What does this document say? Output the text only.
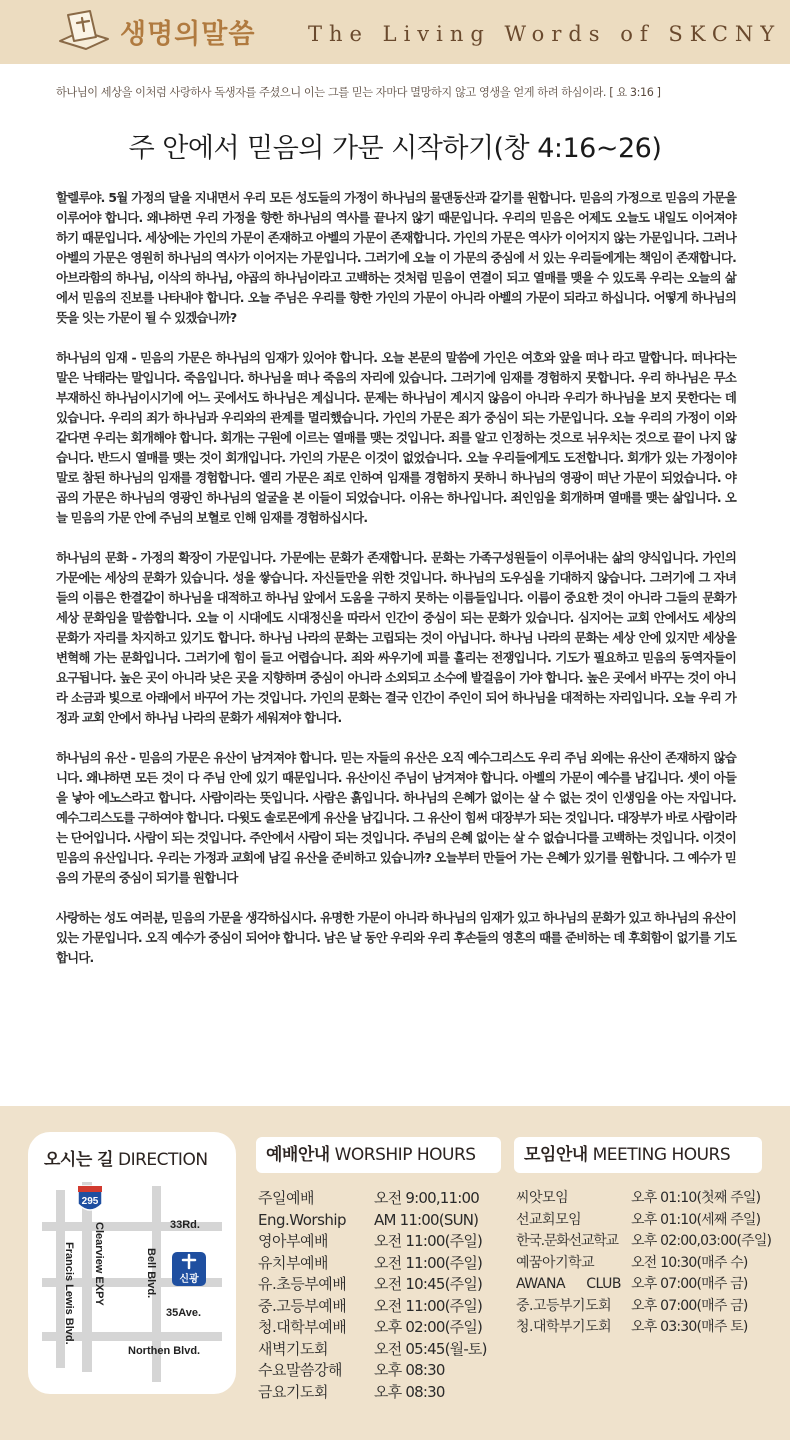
생명의말씀	The Living Words of SKCNY
하나님이 세상을 이처럼 사랑하사 독생자를 주셨으니 이는 그를 믿는 자마다 멸망하지 않고 영생을 얻게 하려 하심이라. [ 요 3:16 ]
주 안에서 믿음의 가문 시작하기(창 4:16~26)

할렐루야. 5월 가정의 달을 지내면서 우리 모든 성도들의 가정이 하나님의 물댄동산과 같기를 원합니다. 믿음의 가정으로 믿음의 가문을 이루어야 합니다. 왜냐하면 우리 가정을 향한 하나님의 역사를 끝나지 않기 때문입니다. 우리의 믿음은 어제도 오늘도 내일도 이어져야 하기 때문입니다. 세상에는 가인의 가문이 존재하고 아벨의 가문이 존재합니다. 가인의 가문은 역사가 이어지지 않는 가문입니다. 그러나 아벨의 가문은 영원히 하나님의 역사가 이어지는 가문입니다. 그러기에 오늘 이 가문의 중심에 서 있는 우리들에게는 책임이 존재합니다. 아브라함의 하나님, 이삭의 하나님, 야곱의 하나님이라고 고백하는 것처럼 믿음이 연결이 되고 열매를 맺을 수 있도록 우리는 오늘의 삶에서 믿음의 진보를 나타내야 합니다. 오늘 주님은 우리를 향한 가인의 가문이 아니라 아벨의 가문이 되라고 하십니다. 어떻게 하나님의 뜻을 잇는 가문이 될 수 있겠습니까?

하나님의 임재 - 믿음의 가문은 하나님의 임재가 있어야 합니다. 오늘 본문의 말씀에 가인은 여호와 앞을 떠나 라고 말합니다. 떠나다는 말은 낙태라는 말입니다. 죽음입니다. 하나님을 떠나 죽음의 자리에 있습니다. 그러기에 임재를 경험하지 못합니다. 우리 하나님은 무소부재하신 하나님이시기에 어느 곳에서도 하나님은 계십니다. 문제는 하나님이 계시지 않음이 아니라 우리가 하나님을 보지 못한다는 데 있습니다. 우리의 죄가 하나님과 우리와의 관계를 멀리했습니다. 가인의 가문은 죄가 중심이 되는 가문입니다. 오늘 우리의 가정이 이와 같다면 우리는 회개해야 합니다. 회개는 구원에 이르는 열매를 맺는 것입니다. 죄를 알고 인정하는 것으로 뉘우치는 것으로 끝이 나지 않습니다. 반드시 열매를 맺는 것이 회개입니다. 가인의 가문은 이것이 없었습니다. 오늘 우리들에게도 도전합니다. 회개가 있는 가정이야말로 참된 하나님의 임재를 경험합니다. 엘리 가문은 죄로 인하여 임재를 경험하지 못하니 하나님의 영광이 떠난 가문이 되었습니다. 야곱의 가문은 하나님의 영광인 하나님의 얼굴을 본 이들이 되었습니다. 이유는 하나입니다. 죄인임을 회개하며 열매를 맺는 삶입니다. 오늘 믿음의 가문 안에 주님의 보혈로 인해 임재를 경험하십시다.

하나님의 문화 - 가정의 확장이 가문입니다. 가문에는 문화가 존재합니다. 문화는 가족구성원들이 이루어내는 삶의 양식입니다. 가인의 가문에는 세상의 문화가 있습니다. 성을 쌓습니다. 자신들만을 위한 것입니다. 하나님의 도우심을 기대하지 않습니다. 그러기에 그 자녀들의 이름은 한결같이 하나님을 대적하고 하나님 앞에서 도움을 구하지 못하는 이름들입니다. 이름이 중요한 것이 아니라 그들의 문화가 세상 문화임을 말씀합니다. 오늘 이 시대에도 시대정신을 따라서 인간이 중심이 되는 문화가 있습니다. 심지어는 교회 안에서도 세상의 문화가 자리를 차지하고 있기도 합니다. 하나님 나라의 문화는 고립되는 것이 아닙니다. 하나님 나라의 문화는 세상 안에 있지만 세상을 변혁해 가는 문화입니다. 그러기에 힘이 들고 어렵습니다. 죄와 싸우기에 피를 흘리는 전쟁입니다. 기도가 필요하고 믿음의 동역자들이 요구됩니다. 높은 곳이 아니라 낮은 곳을 지향하며 중심이 아니라 소외되고 소수에 발걸음이 가야 합니다. 높은 곳에서 바꾸는 것이 아니라 소금과 빛으로 아래에서 바꾸어 가는 것입니다. 가인의 문화는 결국 인간이 주인이 되어 하나님을 대적하는 자리입니다. 오늘 우리 가정과 교회 안에서 하나님 나라의 문화가 세워져야 합니다.

하나님의 유산 - 믿음의 가문은 유산이 남겨져야 합니다. 믿는 자들의 유산은 오직 예수그리스도 우리 주님 외에는 유산이 존재하지 않습니다. 왜냐하면 모든 것이 다 주님 안에 있기 때문입니다. 유산이신 주님이 남겨져야 합니다. 아벨의 가문이 예수를 남깁니다. 셋이 아들을 낳아 에노스라고 합니다. 사람이라는 뜻입니다. 사람은 흙입니다. 하나님의 은혜가 없이는 살 수 없는 것이 인생임을 아는 자입니다. 예수그리스도를 구하여야 합니다. 다윗도 솔로몬에게 유산을 남깁니다. 그 유산이 힘써 대장부가 되는 것입니다. 대장부가 바로 사람이라는 단어입니다. 사람이 되는 것입니다. 주안에서 사람이 되는 것입니다. 주님의 은혜 없이는 살 수 없습니다를 고백하는 것입니다. 이것이 믿음의 유산입니다. 우리는 가정과 교회에 남길 유산을 준비하고 있습니까? 오늘부터 만들어 가는 은혜가 있기를 원합니다. 그 예수가 믿음의 가문의 중심이 되기를 원합니다

사랑하는 성도 여러분, 믿음의 가문을 생각하십시다. 유명한 가문이 아니라 하나님의 임재가 있고 하나님의 문화가 있고 하나님의 유산이 있는 가문입니다. 오직 예수가 중심이 되어야 합니다. 남은 날 동안 우리와 우리 후손들의 영혼의 때를 준비하는 데 후회함이 없기를 기도합니다.

오시는 길 DIRECTION
295
33Rd.
35Ave.
Northen Blvd.
Clearview EXPY
Francis Lewis Blvd.	Bell Blvd. 신광
예배안내 WORSHIP HOURS	모임안내 MEETING HOURS
주일예배	오전 9:00,11:00
Eng.Worship	AM 11:00(SUN)
영아부예배	오전 11:00(주일)
유치부예배	오전 11:00(주일)
유.초등부예배	오전 10:45(주일)
중.고등부예배	오전 11:00(주일)
청.대학부예배	오후 02:00(주일)
새벽기도회	오전 05:45(월-토)
수요말씀강해	오후 08:30
금요기도회	오후 08:30
씨앗모임	오후 01:10(첫째 주일)
선교회모임	오후 01:10(세째 주일)
한국.문화선교학교 오후 02:00,03:00(주일)
예꿈아기학교	오전 10:30(매주 수)
AWANA CLUB 오후 07:00(매주 금)
중.고등부기도회	오후 07:00(매주 금)
청.대학부기도회	오후 03:30(매주 토)
